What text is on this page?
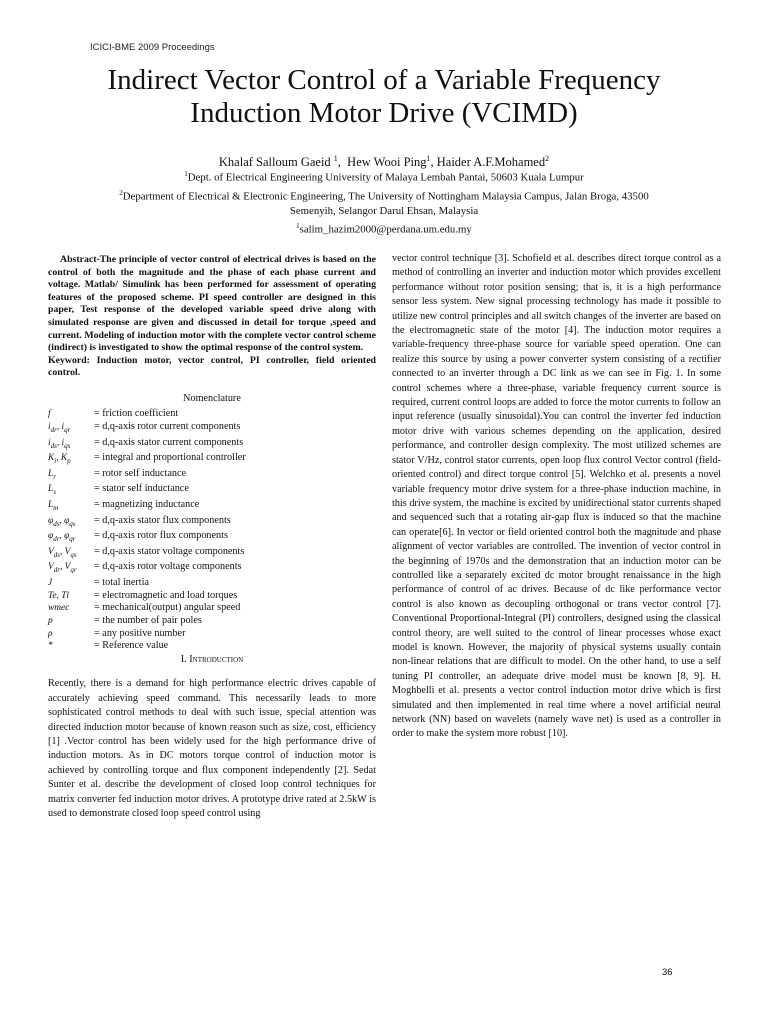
ICICI-BME 2009 Proceedings
Indirect Vector Control of a Variable Frequency
Induction Motor Drive (VCIMD)
Khalaf Salloum Gaeid $^1$,  Hew Wooi Ping$^1$, Haider A.F.Mohamed$^2$
$^1$Dept. of Electrical Engineering University of Malaya Lembah Pantai, 50603 Kuala Lumpur
$^2$Department of Electrical & Electronic Engineering, The University of Nottingham Malaysia Campus, Jalan Broga, 43500
Semenyih, Selangor Darul Ehsan, Malaysia
$^1$salim_hazim2000@perdana.um.edu.my

Abstract-The principle of vector control of electrical drives is based on the control of both the magnitude and the phase of each phase current and voltage. Matlab/ Simulink has been performed for assessment of operating features of the proposed scheme. PI speed controller are designed in this paper, Test response of the developed variable speed drive along with simulated response are given and discussed in detail for torque ,speed and current. Modeling of induction motor with the complete vector control scheme (indirect) is investigated to show the optimal response of the control system.

Keyword: Induction motor, vector control, PI controller, field oriented control.

Nomenclature
f	= friction coefficient
$i_{dr}$, $i_{qr}$	= d,q-axis rotor current components
$i_{ds}$, $i_{qs}$	= d,q-axis stator current components
$K_i$, $K_p$	= integral and proportional controller
$L_r$	= rotor self inductance
$L_s$	= stator self inductance
$L_m$	= magnetizing inductance
$\varphi_{ds}$, $\varphi_{qs}$	= d,q-axis stator flux components
$\varphi_{dr}$, $\varphi_{qr}$	= d,q-axis rotor flux components
$V_{ds}$, $V_{qs}$	= d,q-axis stator voltage components
$V_{dr}$, $V_{qr}$	= d,q-axis rotor voltage components
J	= total inertia
Te, Tl	= electromagnetic and load torques
wmec	= mechanical(output) angular speed
p	= the number of pair poles
ρ	= any positive number
*	= Reference value
I. Introduction

Recently, there is a demand for high performance electric drives capable of accurately achieving speed command. This necessarily leads to more sophisticated control methods to deal with such issue, special attention was directed induction motor because of known reason such as size, cost, efficiency [1] .Vector control has been widely used for the high performance drive of induction motors. As in DC motors torque control of induction motor is achieved by controlling torque and flux component independently [2]. Sedat Sunter et al. describe the development of closed loop control techniques for matrix converter fed induction motor drives. A prototype drive rated at 2.5kW is used to demonstrate closed loop speed control using

vector control technique [3]. Schofield et al. describes direct torque control as a method of controlling an inverter and induction motor which provides excellent performance without rotor position sensing; that is, it is a high performance sensor less system. New signal processing technology has made it possible to utilize new control principles and all switch changes of the inverter are based on the electromagnetic state of the motor [4]. The induction motor requires a variable-frequency three-phase source for variable speed operation. One can realize this source by using a power converter system consisting of a rectifier connected to an inverter through a DC link as we can see in Fig. 1. In some control schemes where a three-phase, variable frequency current source is required, current control loops are added to force the motor currents to follow an input reference (usually sinusoidal).You can control the inverter fed induction motor drive with various schemes depending on the application, desired performance, and controller design complexity. The most utilized schemes are stator V/Hz, control stator currents, open loop flux control Vector control (field-oriented control) and direct torque control [5]. Welchko et al. presents a novel variable frequency motor drive system for a three-phase induction machine, in this drive system, the machine is excited by unidirectional stator currents shaped and sequenced such that a rotating air-gap flux is induced so that the machine can operate[6]. In vector or field oriented control both the magnitude and phase alignment of vector variables are controlled. The invention of vector control in the beginning of 1970s and the demonstration that an induction motor can be controlled like a separately excited dc motor brought renaissance in the high performance of control of ac drives. Because of dc like performance vector control is also known as decoupling orthogonal or trans vector control [7]. Conventional Proportional-Integral (PI) controllers, designed using the classical control theory, are well suited to the control of linear processes whose exact model is known. However, the majority of physical systems usually contain non-linear relations that are difficult to model. On the other hand, to use a self tuning PI controller, an adequate drive model must be known [8, 9]. H. Moghbelli et al. presents a vector control induction motor drive which is first simulated and then implemented in real time where a novel artificial neural network (NN) based on wavelets (namely wave net) is used as a controller in order to make the system more robust [10].

36
